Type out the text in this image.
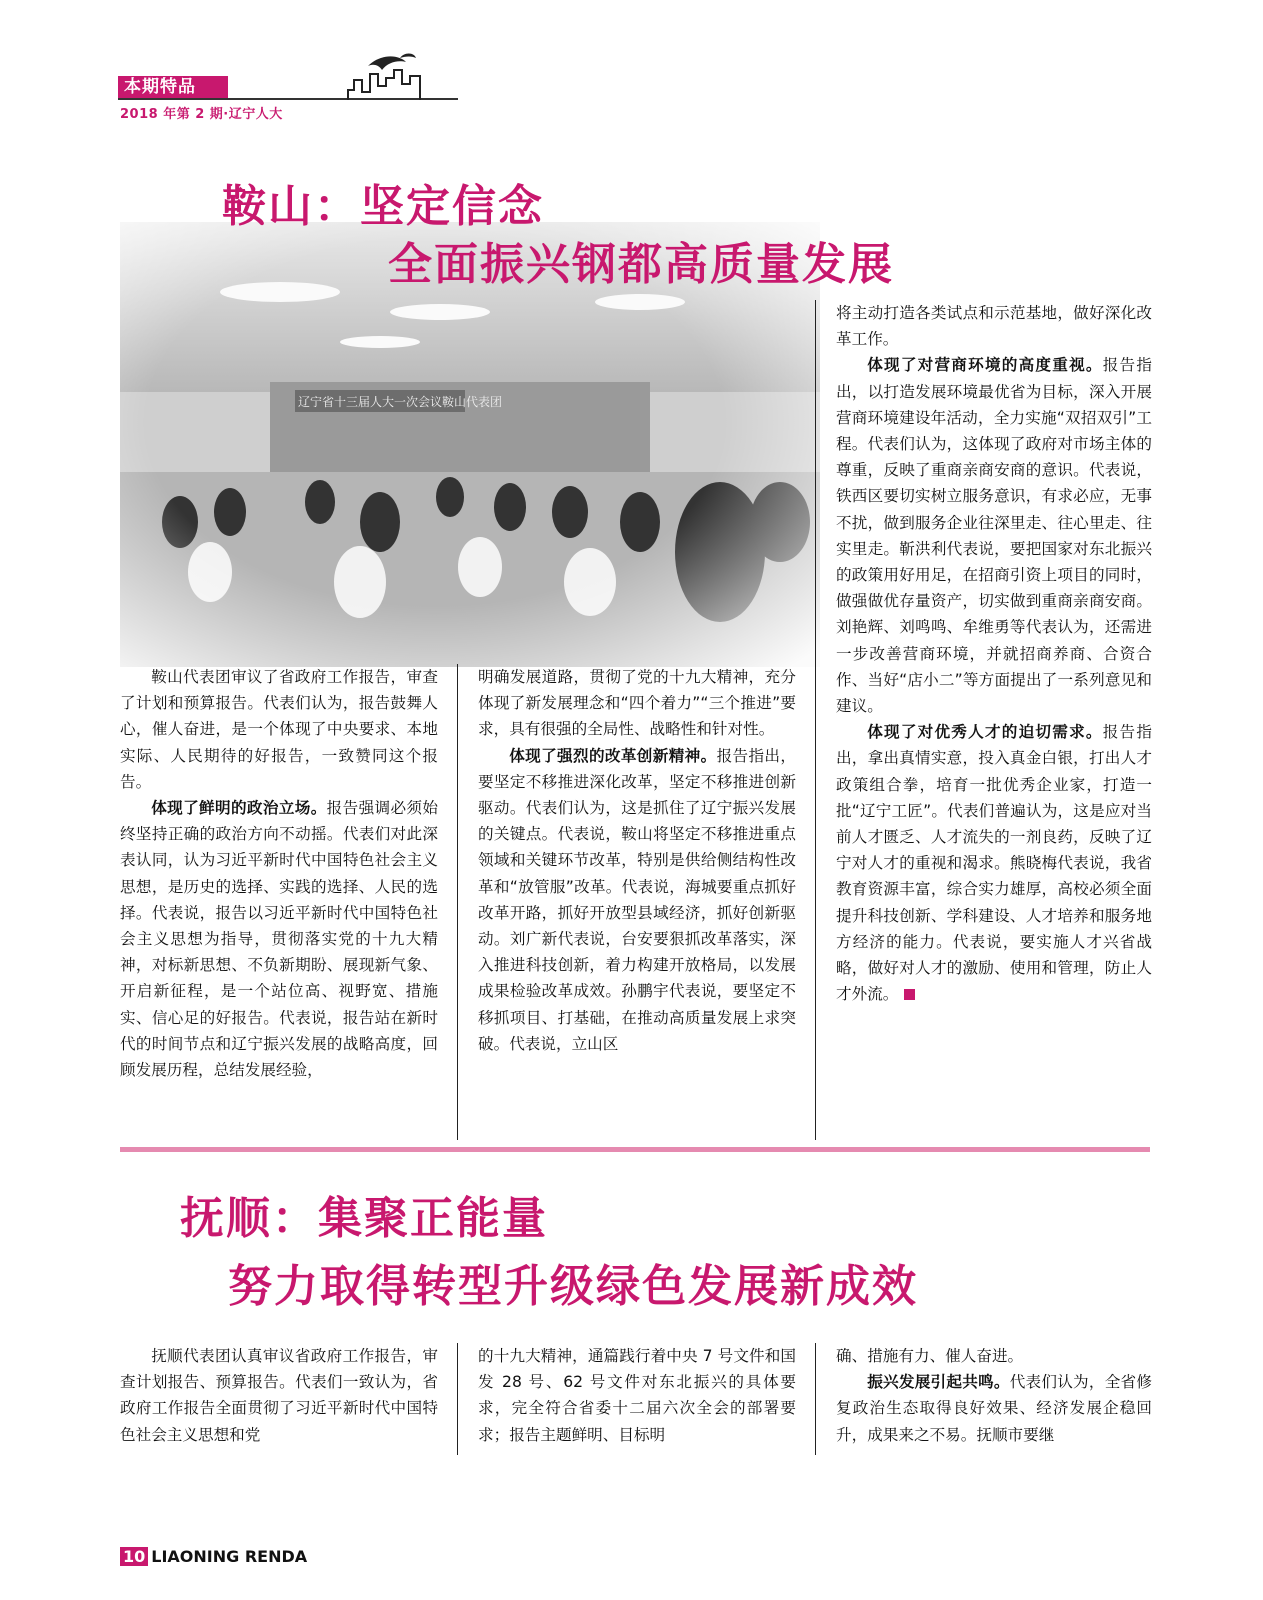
本期特品
2018 年第 2 期·辽宁人大
鞍山：坚定信念
全面振兴钢都高质量发展

鞍山代表团审议了省政府工作报告，审查了计划和预算报告。代表们认为，报告鼓舞人心，催人奋进，是一个体现了中央要求、本地实际、人民期待的好报告，一致赞同这个报告。

体现了鲜明的政治立场。报告强调必须始终坚持正确的政治方向不动摇。代表们对此深表认同，认为习近平新时代中国特色社会主义思想，是历史的选择、实践的选择、人民的选择。代表说，报告以习近平新时代中国特色社会主义思想为指导，贯彻落实党的十九大精神，对标新思想、不负新期盼、展现新气象、开启新征程，是一个站位高、视野宽、措施实、信心足的好报告。代表说，报告站在新时代的时间节点和辽宁振兴发展的战略高度，回顾发展历程，总结发展经验，

明确发展道路，贯彻了党的十九大精神，充分体现了新发展理念和“四个着力”“三个推进”要求，具有很强的全局性、战略性和针对性。

体现了强烈的改革创新精神。报告指出，要坚定不移推进深化改革，坚定不移推进创新驱动。代表们认为，这是抓住了辽宁振兴发展的关键点。代表说，鞍山将坚定不移推进重点领域和关键环节改革，特别是供给侧结构性改革和“放管服”改革。代表说，海城要重点抓好改革开路，抓好开放型县域经济，抓好创新驱动。刘广新代表说，台安要狠抓改革落实，深入推进科技创新，着力构建开放格局，以发展成果检验改革成效。孙鹏宇代表说，要坚定不移抓项目、打基础，在推动高质量发展上求突破。代表说，立山区

将主动打造各类试点和示范基地，做好深化改革工作。

体现了对营商环境的高度重视。报告指出，以打造发展环境最优省为目标，深入开展营商环境建设年活动，全力实施“双招双引”工程。代表们认为，这体现了政府对市场主体的尊重，反映了重商亲商安商的意识。代表说，铁西区要切实树立服务意识，有求必应，无事不扰，做到服务企业往深里走、往心里走、往实里走。靳洪利代表说，要把国家对东北振兴的政策用好用足，在招商引资上项目的同时，做强做优存量资产，切实做到重商亲商安商。刘艳辉、刘鸣鸣、牟维勇等代表认为，还需进一步改善营商环境，并就招商养商、合资合作、当好“店小二”等方面提出了一系列意见和建议。

体现了对优秀人才的迫切需求。报告指出，拿出真情实意，投入真金白银，打出人才政策组合拳，培育一批优秀企业家，打造一批“辽宁工匠”。代表们普遍认为，这是应对当前人才匮乏、人才流失的一剂良药，反映了辽宁对人才的重视和渴求。熊晓梅代表说，我省教育资源丰富，综合实力雄厚，高校必须全面提升科技创新、学科建设、人才培养和服务地方经济的能力。代表说，要实施人才兴省战略，做好对人才的激励、使用和管理，防止人才外流。

抚顺：集聚正能量
努力取得转型升级绿色发展新成效

抚顺代表团认真审议省政府工作报告，审查计划报告、预算报告。代表们一致认为，省政府工作报告全面贯彻了习近平新时代中国特色社会主义思想和党

的十九大精神，通篇践行着中央 7 号文件和国发 28 号、62 号文件对东北振兴的具体要求，完全符合省委十二届六次全会的部署要求；报告主题鲜明、目标明

确、措施有力、催人奋进。

振兴发展引起共鸣。代表们认为，全省修复政治生态取得良好效果、经济发展企稳回升，成果来之不易。抚顺市要继

10 LIAONING RENDA
